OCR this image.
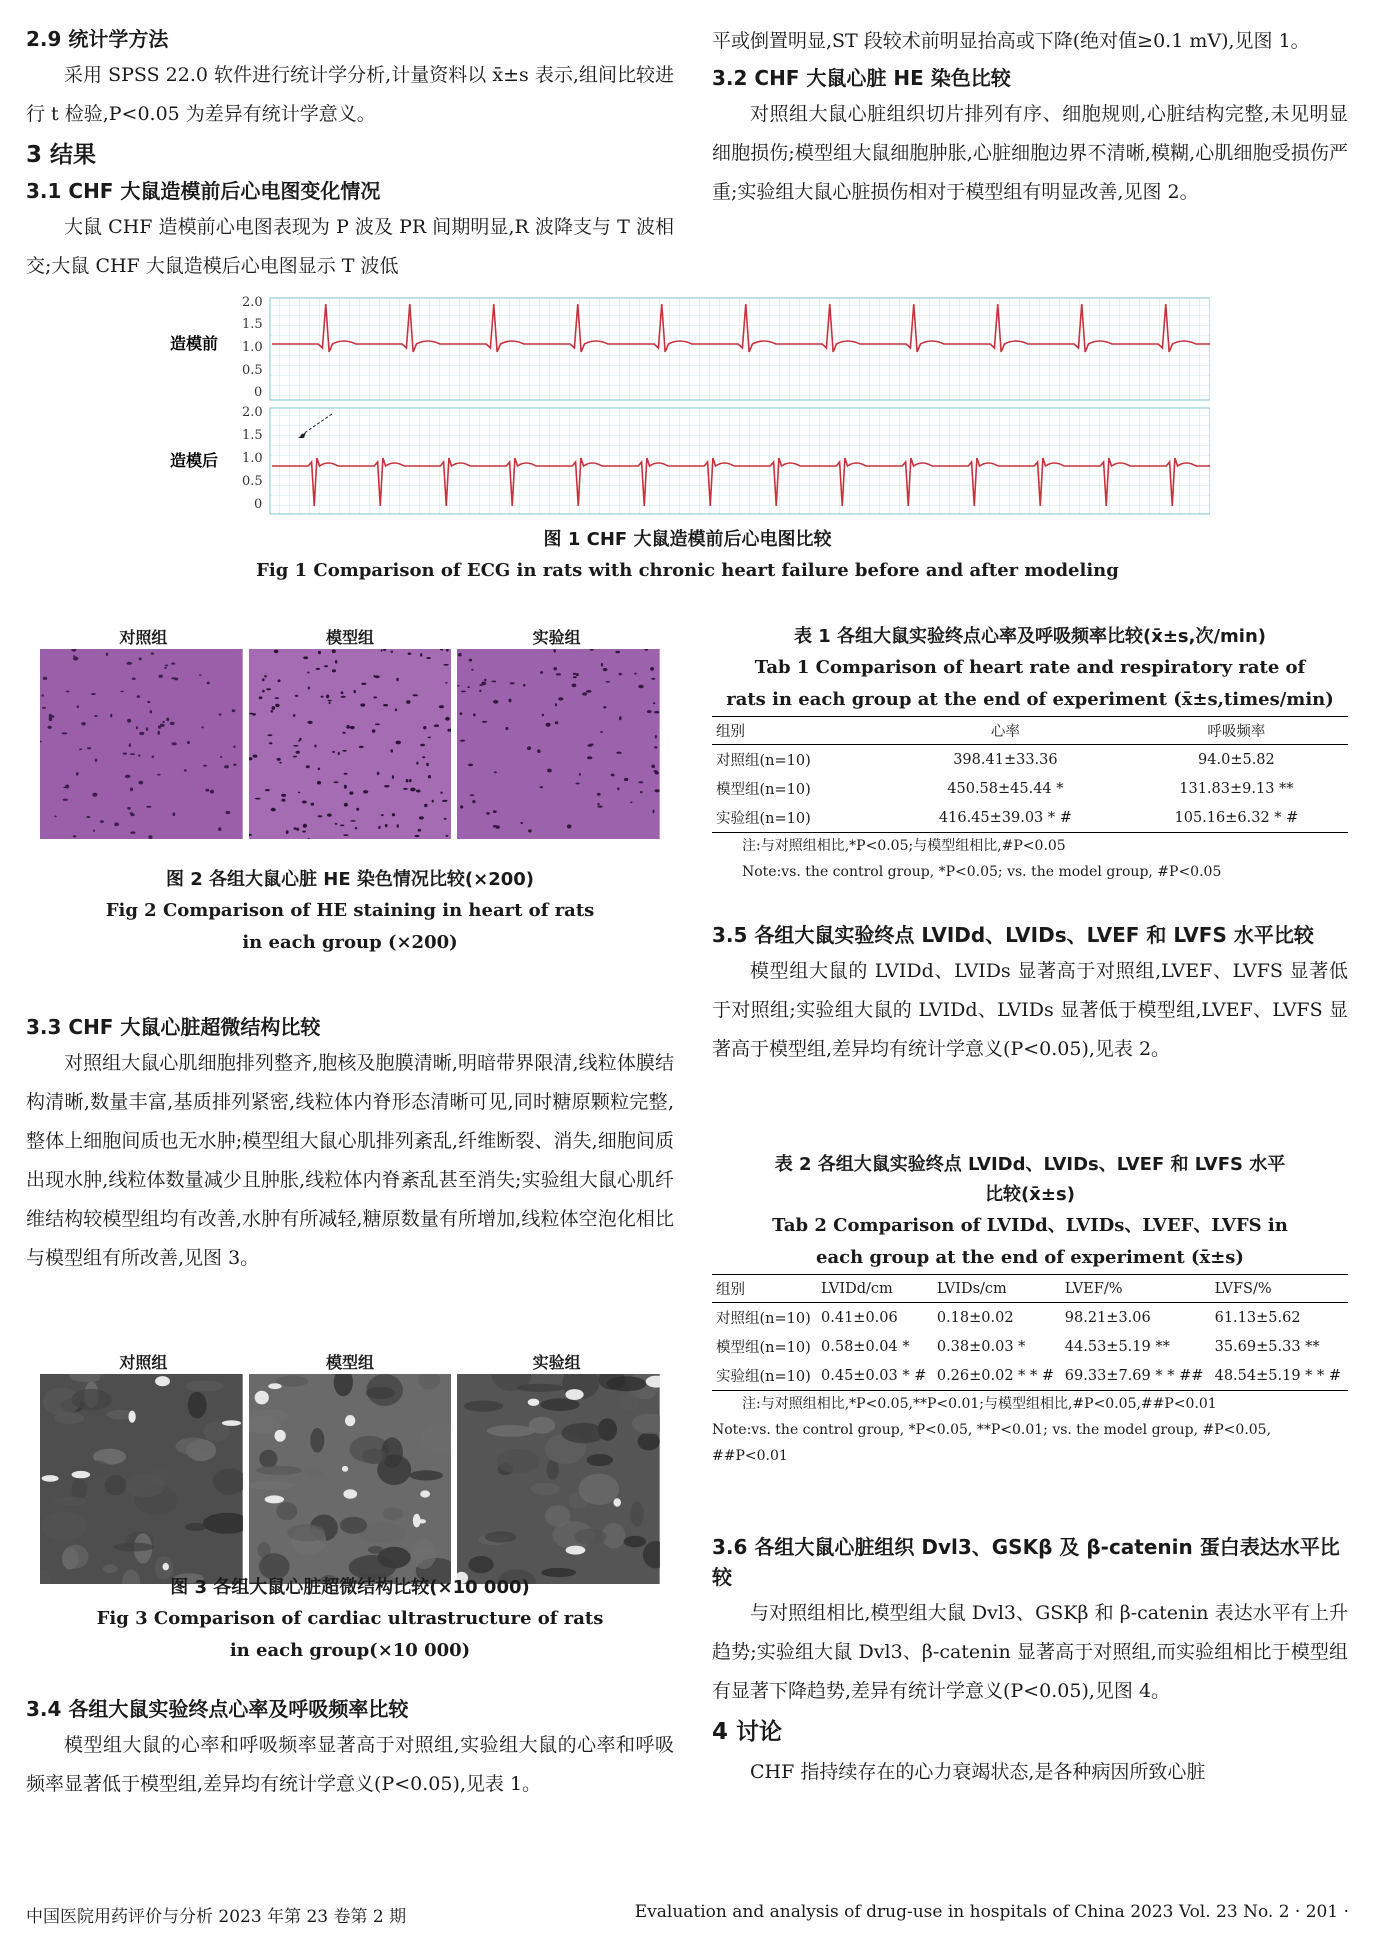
2.9 统计学方法

采用 SPSS 22.0 软件进行统计学分析,计量资料以 x̄±s 表示,组间比较进行 t 检验,P<0.05 为差异有统计学意义。

3 结果
3.1 CHF 大鼠造模前后心电图变化情况

大鼠 CHF 造模前心电图表现为 P 波及 PR 间期明显,R 波降支与 T 波相交;大鼠 CHF 大鼠造模后心电图显示 T 波低

平或倒置明显,ST 段较术前明显抬高或下降(绝对值≥0.1 mV),见图 1。

3.2 CHF 大鼠心脏 HE 染色比较

对照组大鼠心脏组织切片排列有序、细胞规则,心脏结构完整,未见明显细胞损伤;模型组大鼠细胞肿胀,心脏细胞边界不清晰,模糊,心肌细胞受损伤严重;实验组大鼠心脏损伤相对于模型组有明显改善,见图 2。

造模前
造模后
2.0
1.5
1.0
0.5
0
2.0
1.5
1.0
0.5
0
图 1 CHF 大鼠造模前后心电图比较
Fig 1 Comparison of ECG in rats with chronic heart failure before and after modeling
对照组	模型组	实验组
图 2 各组大鼠心脏 HE 染色情况比较(×200)
Fig 2 Comparison of HE staining in heart of rats
in each group (×200)
3.3 CHF 大鼠心脏超微结构比较

对照组大鼠心肌细胞排列整齐,胞核及胞膜清晰,明暗带界限清,线粒体膜结构清晰,数量丰富,基质排列紧密,线粒体内脊形态清晰可见,同时糖原颗粒完整,整体上细胞间质也无水肿;模型组大鼠心肌排列紊乱,纤维断裂、消失,细胞间质出现水肿,线粒体数量减少且肿胀,线粒体内脊紊乱甚至消失;实验组大鼠心肌纤维结构较模型组均有改善,水肿有所减轻,糖原数量有所增加,线粒体空泡化相比与模型组有所改善,见图 3。

对照组	模型组	实验组
图 3 各组大鼠心脏超微结构比较(×10 000)
Fig 3 Comparison of cardiac ultrastructure of rats
in each group(×10 000)
3.4 各组大鼠实验终点心率及呼吸频率比较

模型组大鼠的心率和呼吸频率显著高于对照组,实验组大鼠的心率和呼吸频率显著低于模型组,差异均有统计学意义(P<0.05),见表 1。

表 1 各组大鼠实验终点心率及呼吸频率比较(x̄±s,次/min)
Tab 1 Comparison of heart rate and respiratory rate of
rats in each group at the end of experiment (x̄±s,times/min)
组别	心率	呼吸频率
对照组(n=10)	398.41±33.36	94.0±5.82
模型组(n=10)	450.58±45.44 *	131.83±9.13 **
实验组(n=10)	416.45±39.03 * #	105.16±6.32 * #
注:与对照组相比,*P<0.05;与模型组相比,#P<0.05
Note:vs. the control group, *P<0.05; vs. the model group, #P<0.05
3.5 各组大鼠实验终点 LVIDd、LVIDs、LVEF 和 LVFS 水平比较

模型组大鼠的 LVIDd、LVIDs 显著高于对照组,LVEF、LVFS 显著低于对照组;实验组大鼠的 LVIDd、LVIDs 显著低于模型组,LVEF、LVFS 显著高于模型组,差异均有统计学意义(P<0.05),见表 2。

表 2 各组大鼠实验终点 LVIDd、LVIDs、LVEF 和 LVFS 水平
比较(x̄±s)
Tab 2 Comparison of LVIDd、LVIDs、LVEF、LVFS in
each group at the end of experiment (x̄±s)
组别	LVIDd/cm	LVIDs/cm	LVEF/%	LVFS/%
对照组(n=10)	0.41±0.06	0.18±0.02	98.21±3.06	61.13±5.62
模型组(n=10)	0.58±0.04 *	0.38±0.03 *	44.53±5.19 **	35.69±5.33 **
实验组(n=10)	0.45±0.03 * #	0.26±0.02 * * #	69.33±7.69 * * ##	48.54±5.19 * * #
注:与对照组相比,*P<0.05,**P<0.01;与模型组相比,#P<0.05,##P<0.01
Note:vs. the control group, *P<0.05, **P<0.01; vs. the model group, #P<0.05, ##P<0.01
3.6 各组大鼠心脏组织 Dvl3、GSKβ 及 β-catenin 蛋白表达水平比较

与对照组相比,模型组大鼠 Dvl3、GSKβ 和 β-catenin 表达水平有上升趋势;实验组大鼠 Dvl3、β-catenin 显著高于对照组,而实验组相比于模型组有显著下降趋势,差异有统计学意义(P<0.05),见图 4。

4 讨论

CHF 指持续存在的心力衰竭状态,是各种病因所致心脏

中国医院用药评价与分析 2023 年第 23 卷第 2 期	Evaluation and analysis of drug-use in hospitals of China 2023 Vol. 23 No. 2 · 201 ·
